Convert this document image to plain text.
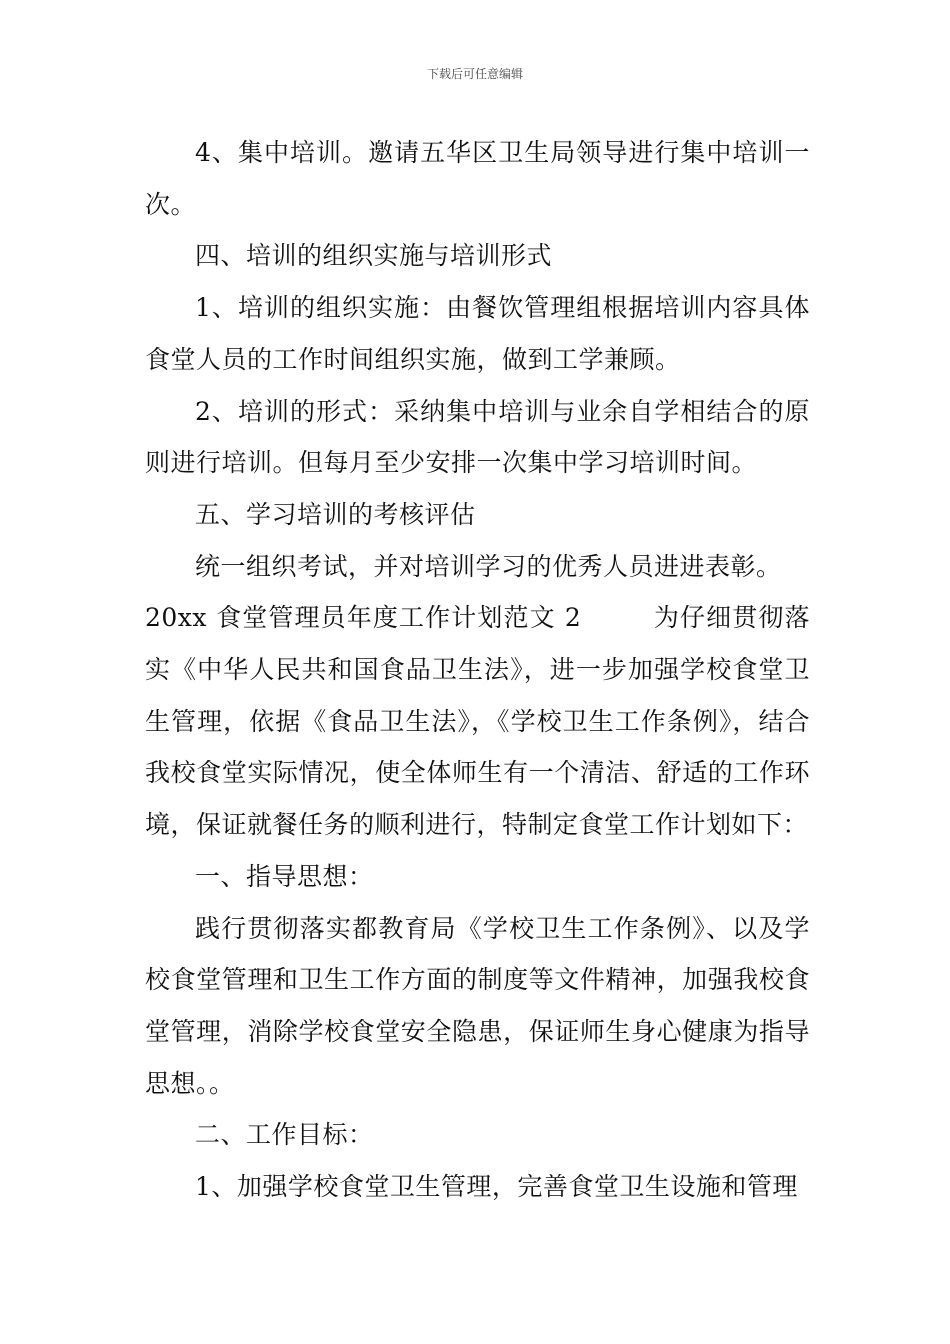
下载后可任意编辑

4、集中培训。邀请五华区卫生局领导进行集中培训一次。

四、培训的组织实施与培训形式

1、培训的组织实施：由餐饮管理组根据培训内容具体食堂人员的工作时间组织实施，做到工学兼顾。

2、培训的形式：采纳集中培训与业余自学相结合的原则进行培训。但每月至少安排一次集中学习培训时间。

五、学习培训的考核评估

统一组织考试，并对培训学习的优秀人员进进表彰。

20xx 食堂管理员年度工作计划范文 2	为仔细贯彻落实《中华人民共和国食品卫生法》，进一步加强学校食堂卫生管理，依据《食品卫生法》，《学校卫生工作条例》，结合我校食堂实际情况，使全体师生有一个清洁、舒适的工作环境，保证就餐任务的顺利进行，特制定食堂工作计划如下：

一、指导思想：

践行贯彻落实都教育局《学校卫生工作条例》、以及学校食堂管理和卫生工作方面的制度等文件精神，加强我校食堂管理，消除学校食堂安全隐患，保证师生身心健康为指导思想。。

二、工作目标：

1、加强学校食堂卫生管理，完善食堂卫生设施和管理
